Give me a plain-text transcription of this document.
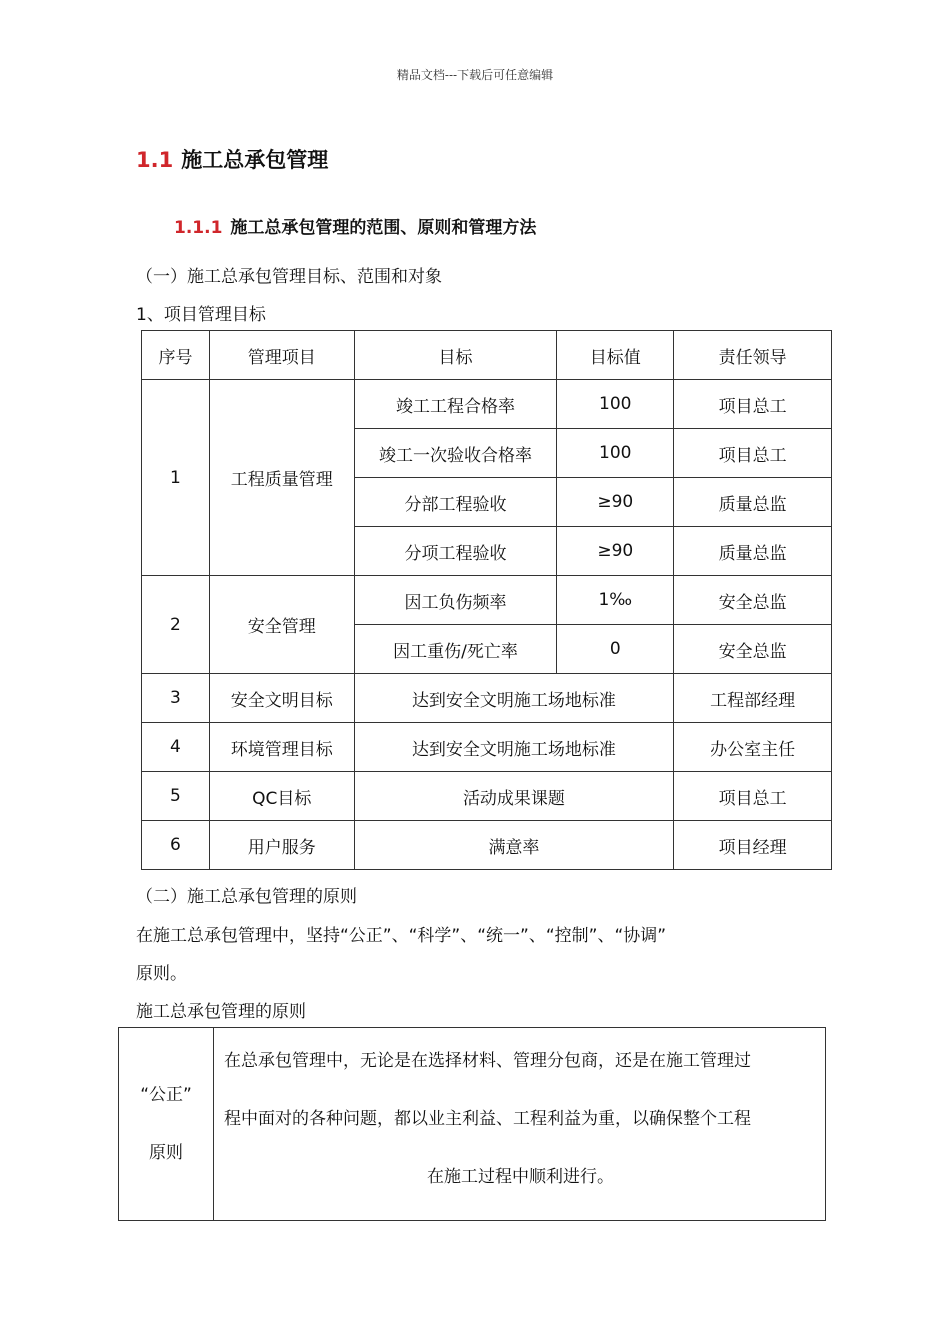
精品文档---下载后可任意编辑
1.1 施工总承包管理
1.1.1 施工总承包管理的范围、原则和管理方法
（一）施工总承包管理目标、范围和对象
1、项目管理目标
序号	管理项目	目标	目标值	责任领导
1	工程质量管理	竣工工程合格率	100	项目总工
		竣工一次验收合格率	100	项目总工
		分部工程验收	≥90	质量总监
		分项工程验收	≥90	质量总监
2	安全管理	因工负伤频率	1‰	安全总监
		因工重伤/死亡率	0	安全总监
3	安全文明目标	达到安全文明施工场地标准		工程部经理
4	环境管理目标	达到安全文明施工场地标准		办公室主任
5	QC目标	活动成果课题		项目总工
6	用户服务	满意率		项目经理
（二）施工总承包管理的原则
在施工总承包管理中，坚持“公正”、“科学”、“统一”、“控制”、“协调”
原则。
施工总承包管理的原则
“公正”
原则

在总承包管理中，无论是在选择材料、管理分包商，还是在施工管理过
程中面对的各种问题，都以业主利益、工程利益为重，以确保整个工程
在施工过程中顺利进行。
